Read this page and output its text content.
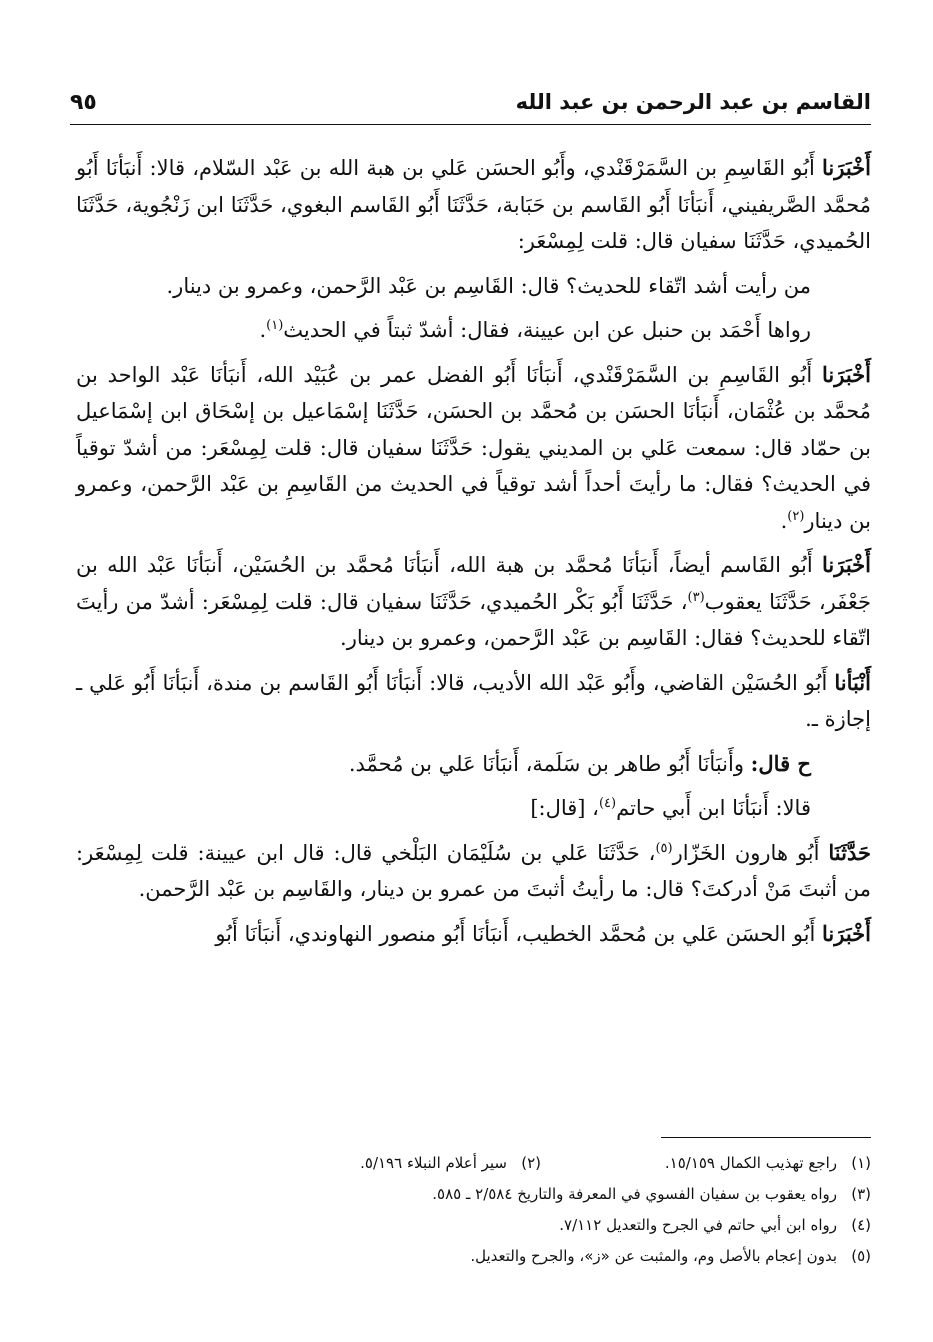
٩٥	القاسم بن عبد الرحمن بن عبد الله

أَخْبَرَنا أَبُو القَاسِمِ بن السَّمَرْقَنْدي، وأَبُو الحسَن عَلي بن هبة الله بن عَبْد السّلام، قالا: أَنبَأنَا أَبُو مُحمَّد الصَّريفيني، أَنبَأنَا أَبُو القَاسم بن حَبَابة، حَدَّثَنَا أَبُو القَاسم البغوي، حَدَّثَنَا ابن زَنْجُوية، حَدَّثَنَا الحُميدي، حَدَّثَنَا سفيان قال: قلت لِمِسْعَر:

من رأيت أشد اتّقاء للحديث؟ قال: القَاسِم بن عَبْد الرَّحمن، وعمرو بن دينار.

رواها أَحْمَد بن حنبل عن ابن عيينة، فقال: أشدّ ثبتاً في الحديث$^{(١)}$.

أَخْبَرَنا أَبُو القَاسِمِ بن السَّمَرْقَنْدي، أَنبَأنَا أَبُو الفضل عمر بن عُبَيْد الله، أَنبَأنَا عَبْد الواحد بن مُحمَّد بن عُثْمَان، أَنبَأنَا الحسَن بن مُحمَّد بن الحسَن، حَدَّثَنَا إسْمَاعيل بن إسْحَاق ابن إسْمَاعيل بن حمّاد قال: سمعت عَلي بن المديني يقول: حَدَّثَنَا سفيان قال: قلت لِمِسْعَر: من أشدّ توقياً في الحديث؟ فقال: ما رأيتَ أحداً أشد توقياً في الحديث من القَاسِمِ بن عَبْد الرَّحمن، وعمرو بن دينار$^{(٢)}$.

أَخْبَرَنا أَبُو القَاسم أيضاً، أَنبَأنَا مُحمَّد بن هبة الله، أَنبَأنَا مُحمَّد بن الحُسَيْن، أَنبَأنَا عَبْد الله بن جَعْفَر، حَدَّثَنَا يعقوب$^{(٣)}$، حَدَّثَنَا أَبُو بَكْر الحُميدي، حَدَّثَنَا سفيان قال: قلت لِمِسْعَر: أشدّ من رأيتَ اتّقاء للحديث؟ فقال: القَاسِم بن عَبْد الرَّحمن، وعمرو بن دينار.

أَنْبَأنا أَبُو الحُسَيْن القاضي، وأَبُو عَبْد الله الأديب، قالا: أَنبَأنَا أَبُو القَاسم بن مندة، أَنبَأنَا أَبُو عَلي ـ إجازة ـ.

ح قال: وأَنبَأنَا أَبُو طاهر بن سَلَمة، أَنبَأنَا عَلي بن مُحمَّد.

قالا: أَنبَأنَا ابن أَبي حاتم$^{(٤)}$، [قال:]

حَدَّثَنَا أَبُو هارون الخَزّار$^{(٥)}$، حَدَّثَنَا عَلي بن سُلَيْمَان البَلْخي قال: قال ابن عيينة: قلت لِمِسْعَر: من أثبتَ مَنْ أدركتَ؟ قال: ما رأيتُ أثبتَ من عمرو بن دينار، والقَاسِم بن عَبْد الرَّحمن.

أَخْبَرَنا أَبُو الحسَن عَلي بن مُحمَّد الخطيب، أَنبَأنَا أَبُو منصور النهاوندي، أَنبَأنَا أَبُو

(١)راجع تهذيب الكمال ١٥/١٥٩.
(٢)سير أعلام النبلاء ٥/١٩٦.
(٣)رواه يعقوب بن سفيان الفسوي في المعرفة والتاريخ ٢/٥٨٤ ـ ٥٨٥.
(٤)رواه ابن أبي حاتم في الجرح والتعديل ٧/١١٢.
(٥)بدون إعجام بالأصل وم، والمثبت عن «ز»، والجرح والتعديل.
